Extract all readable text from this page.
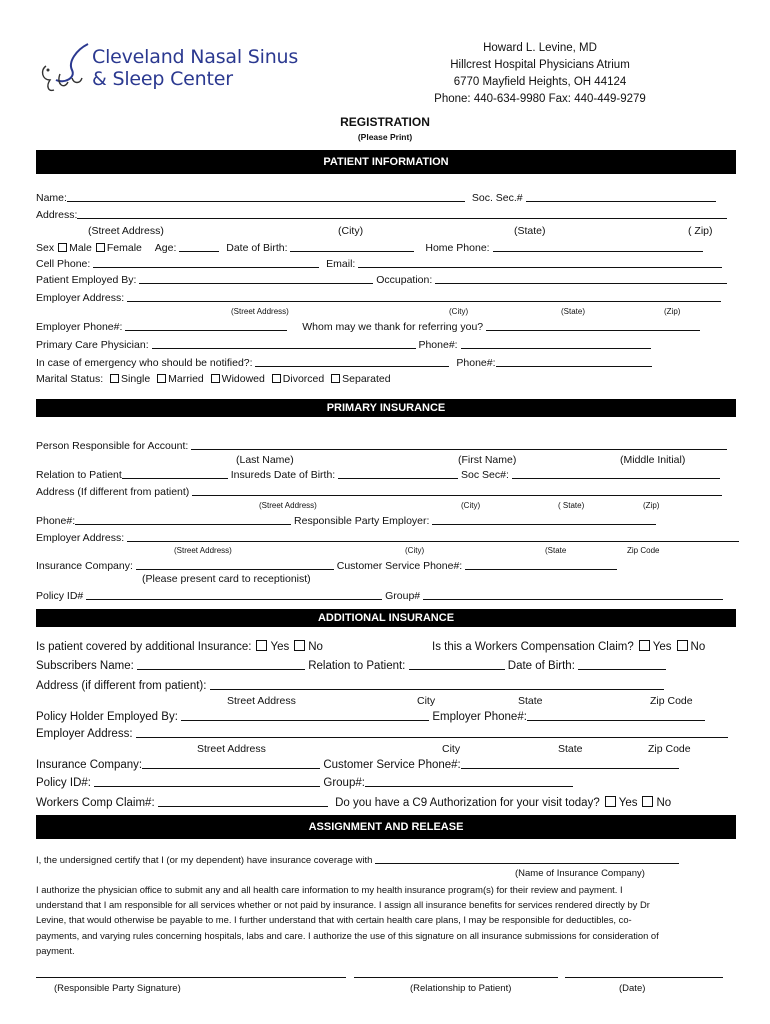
Cleveland Nasal Sinus
& Sleep Center
Howard L. Levine, MD
Hillcrest Hospital Physicians Atrium
6770 Mayfield Heights, OH 44124
Phone: 440-634-9980 Fax: 440-449-9279
REGISTRATION
(Please Print)
PATIENT INFORMATION
Name:	Soc. Sec.#
Address:
(Street Address)	(City)	(State)	( Zip)
Sex Male Female Age:	Date of Birth:	Home Phone:
Cell Phone:	Email:
Patient Employed By:	Occupation:
Employer Address:
(Street Address)	(City)	(State)	(Zip)
Employer Phone#:	Whom may we thank for referring you?
Primary Care Physician:	Phone#:
In case of emergency who should be notified?:	Phone#:
Marital Status: Single Married Widowed Divorced Separated
PRIMARY INSURANCE
Person Responsible for Account:
(Last Name)	(First Name)	(Middle Initial)
Relation to Patient	Insureds Date of Birth:	Soc Sec#:
Address (If different from patient)
(Street Address)	(City)	( State)	(Zip)
Phone#:	Responsible Party Employer:
Employer Address:
(Street Address)	(City)	(State	Zip Code
Insurance Company:	Customer Service Phone#:
(Please present card to receptionist)
Policy ID#	Group#
ADDITIONAL INSURANCE
Is patient covered by additional Insurance: Yes No	Is this a Workers Compensation Claim? Yes No
Subscribers Name:	Relation to Patient:	Date of Birth:
Address (if different from patient):
Street Address	City	State	Zip Code
Policy Holder Employed By:	Employer Phone#:
Employer Address:
Street Address	City	State	Zip Code
Insurance Company:	Customer Service Phone#:
Policy ID#:	Group#:
Workers Comp Claim#:	Do you have a C9 Authorization for your visit today? Yes No
ASSIGNMENT AND RELEASE
I, the undersigned certify that I (or my dependent) have insurance coverage with
(Name of Insurance Company)
I authorize the physician office to submit any and all health care information to my health insurance program(s) for their review and payment. I
understand that I am responsible for all services whether or not paid by insurance. I assign all insurance benefits for services rendered directly by Dr
Levine, that would otherwise be payable to me. I further understand that with certain health care plans, I may be responsible for deductibles, co-
payments, and varying rules concerning hospitals, labs and care. I authorize the use of this signature on all insurance submissions for consideration of
payment.
(Responsible Party Signature)	(Relationship to Patient)	(Date)
